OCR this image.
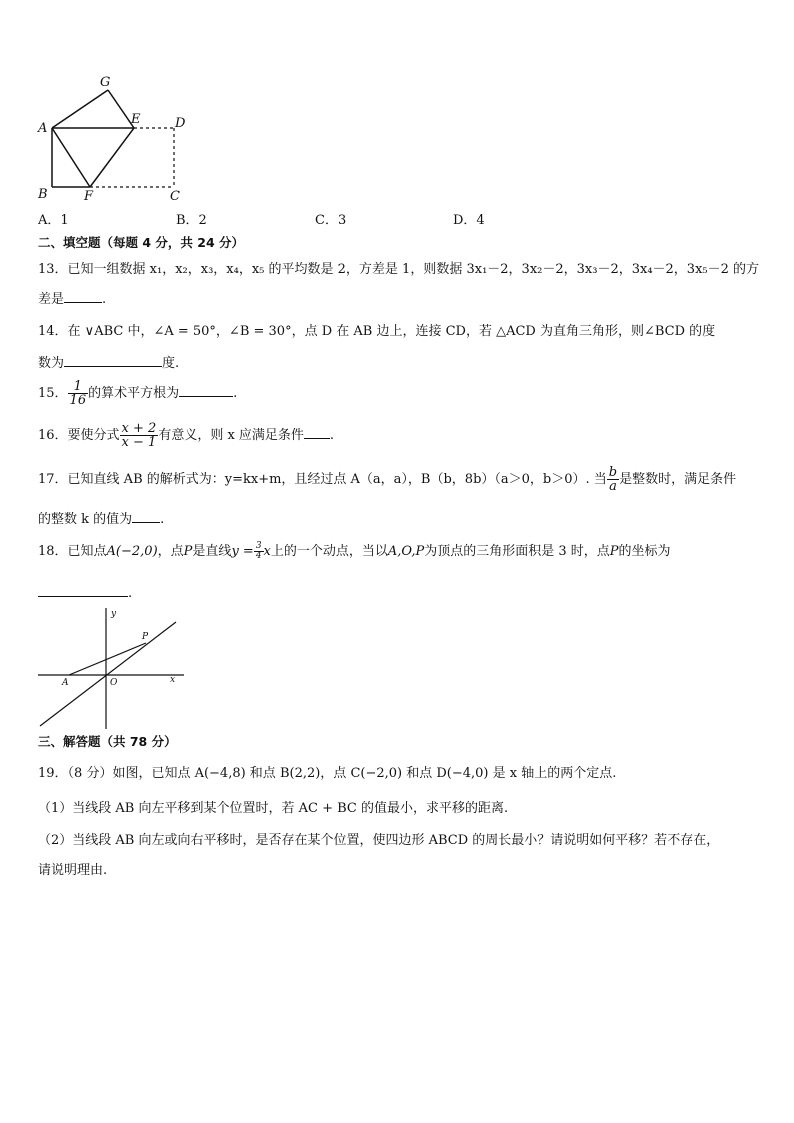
G
A
E	D
B	F	C
A．1	B．2	C．3	D．4
二、填空题（每题 4 分，共 24 分）
13．已知一组数据 x₁，x₂，x₃，x₄，x₅ 的平均数是 2，方差是 1，则数据 3x₁－2，3x₂－2，3x₃－2，3x₄－2，3x₅－2 的方
差是	.
14．在 ∨ABC 中，∠A = 50°，∠B = 30°，点 D 在 AB 边上，连接 CD，若 △ACD 为直角三角形，则∠BCD 的度
数为	度.
15． $\frac{1}{16}$ 的算术平方根为	.
16．要使分式 $\frac{x + 2}{x - 1}$ 有意义，则 x 应满足条件 .
17．已知直线 AB 的解析式为：y=kx+m，且经过点 A（a，a），B（b，8b）（a＞0，b＞0）. 当 $\frac{b}{a}$ 是整数时，满足条件
的整数 k 的值为 .
18．已知点A(−2,0)，点P是直线$y = \frac{3}{4}$ x上的一个动点，当以A,O,P为顶点的三角形面积是 3 时，点P的坐标为
.
y
P
A	O	x
三、解答题（共 78 分）
19．（8 分）如图，已知点 A(−4,8) 和点 B(2,2)，点 C(−2,0) 和点 D(−4,0) 是 x 轴上的两个定点.
（1）当线段 AB 向左平移到某个位置时，若 AC + BC 的值最小，求平移的距离.
（2）当线段 AB 向左或向右平移时，是否存在某个位置，使四边形 ABCD 的周长最小？请说明如何平移？若不存在，
请说明理由.
